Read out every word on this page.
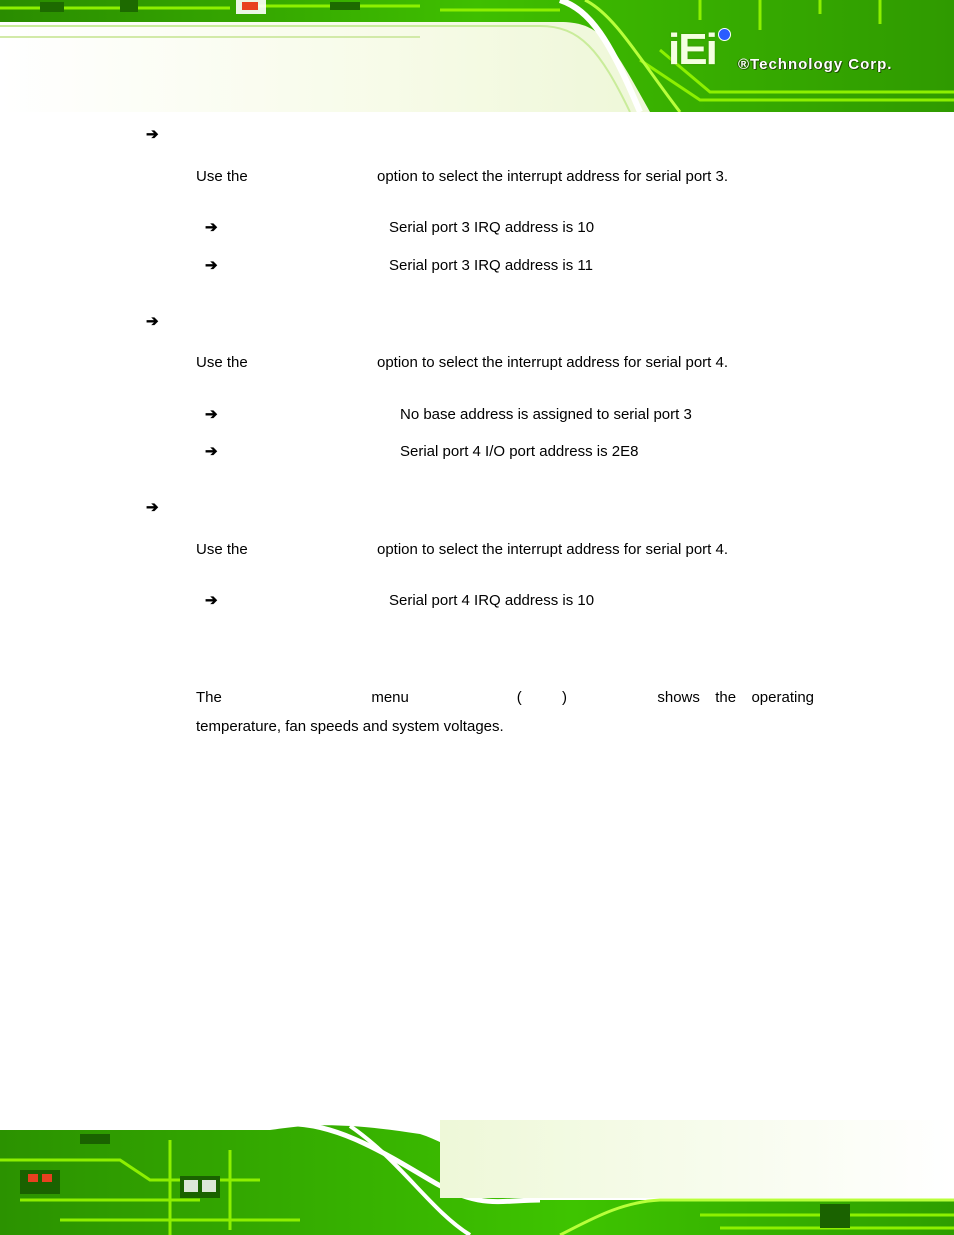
iEi ®Technology Corp.
➔
Use the	option to select the interrupt address for serial port 3.
➔	Serial port 3 IRQ address is 10
➔	Serial port 3 IRQ address is 11
➔
Use the	option to select the interrupt address for serial port 4.
➔	No base address is assigned to serial port 3
➔	Serial port 4 I/O port address is 2E8
➔
Use the	option to select the interrupt address for serial port 4.
➔	Serial port 4 IRQ address is 10
The	menu	(	)	shows the operating
temperature, fan speeds and system voltages.
